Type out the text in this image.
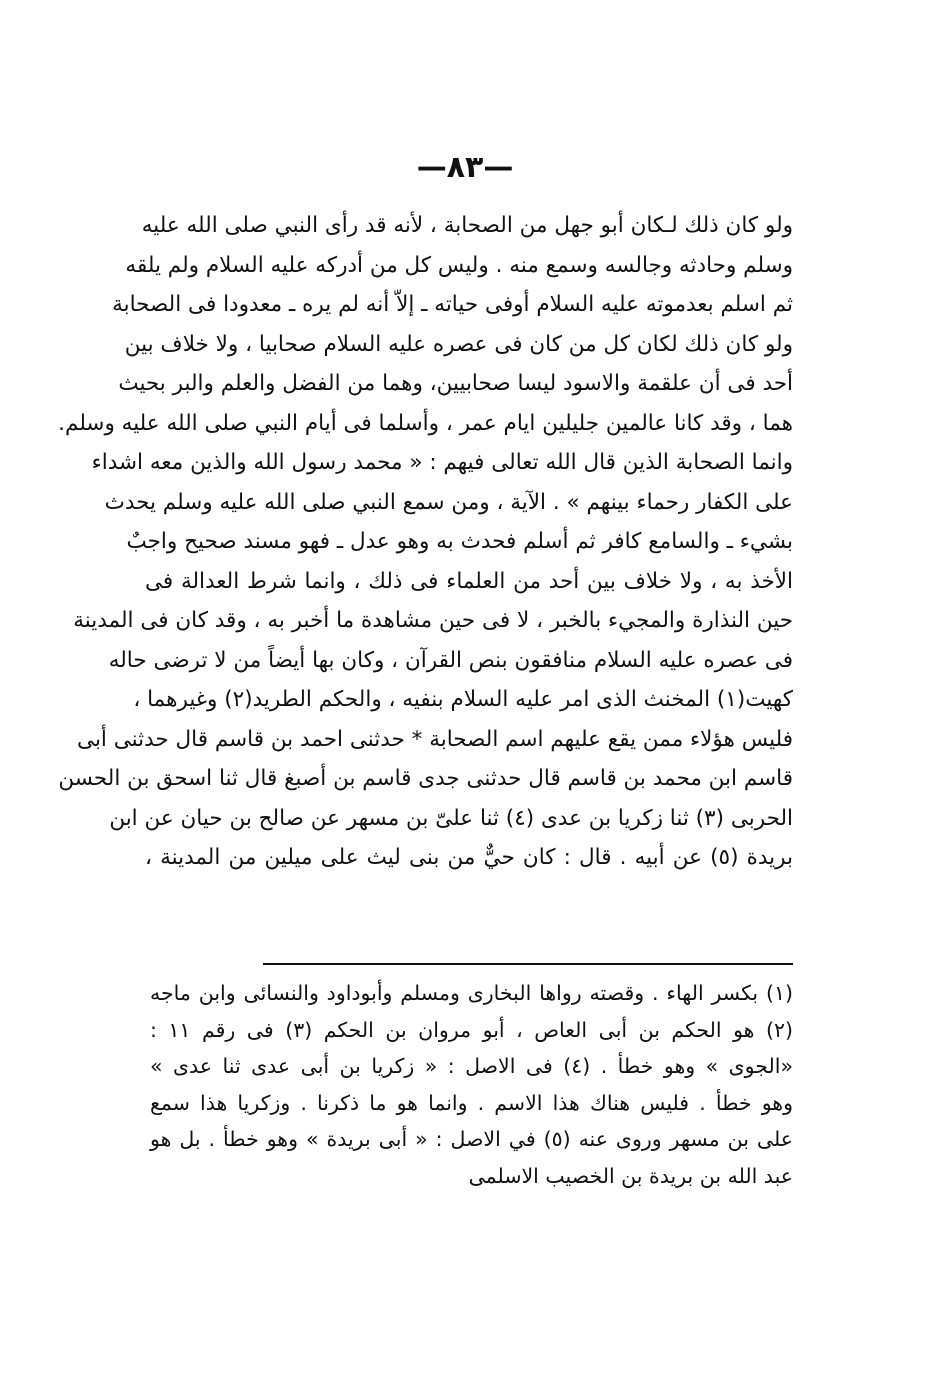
—٨٣—
ولو كان ذلك لـكان أبو جهل من الصحابة ، لأنه قد رأى النبي صلى الله عليه
وسلم وحادثه وجالسه وسمع منه . وليس كل من أدركه عليه السلام ولم يلقه
ثم اسلم بعدموته عليه السلام أوفى حياته ـ إلاّ أنه لم يره ـ معدودا فى الصحابة
ولو كان ذلك لكان كل من كان فى عصره عليه السلام صحابيا ، ولا خلاف بين
أحد فى أن علقمة والاسود ليسا صحابيين، وهما من الفضل والعلم والبر بحيث
هما ، وقد كانا عالمين جليلين ايام عمر ، وأسلما فى أيام النبي صلى الله عليه وسلم.
وانما الصحابة الذين قال الله تعالى فيهم : « محمد رسول الله والذين معه اشداء
على الكفار رحماء بينهم » . الآية ، ومن سمع النبي صلى الله عليه وسلم يحدث
بشيء ـ والسامع كافر ثم أسلم فحدث به وهو عدل ـ فهو مسند صحيح واجبٌ
الأخذ به ، ولا خلاف بين أحد من العلماء فى ذلك ، وانما شرط العدالة فى
حين النذارة والمجيء بالخبر ، لا فى حين مشاهدة ما أخبر به ، وقد كان فى المدينة
فى عصره عليه السلام منافقون بنص القرآن ، وكان بها أيضاً من لا ترضى حاله
كهيت(١) المخنث الذى امر عليه السلام بنفيه ، والحكم الطريد(٢) وغيرهما ،
فليس هؤلاء ممن يقع عليهم اسم الصحابة * حدثنى احمد بن قاسم قال حدثنى أبى
قاسم ابن محمد بن قاسم قال حدثنى جدى قاسم بن أصبغ قال ثنا اسحق بن الحسن
الحربى (٣) ثنا زكريا بن عدى (٤) ثنا علىّ بن مسهر عن صالح بن حيان عن ابن
بريدة (٥) عن أبيه . قال : كان حيٌّ من بنى ليث على ميلين من المدينة ،
(١) بكسر الهاء . وقصته رواها البخارى ومسلم وأبوداود والنسائى وابن ماجه
(٢) هو الحكم بن أبى العاص ، أبو مروان بن الحكم (٣) فى رقم ١١ :
«الجوى » وهو خطأ . (٤) فى الاصل : « زكريا بن أبى عدى ثنا عدى »
وهو خطأ . فليس هناك هذا الاسم . وانما هو ما ذكرنا . وزكريا هذا سمع
على بن مسهر وروى عنه (٥) في الاصل : « أبى بريدة » وهو خطأ . بل هو
عبد الله بن بريدة بن الخصيب الاسلمى
